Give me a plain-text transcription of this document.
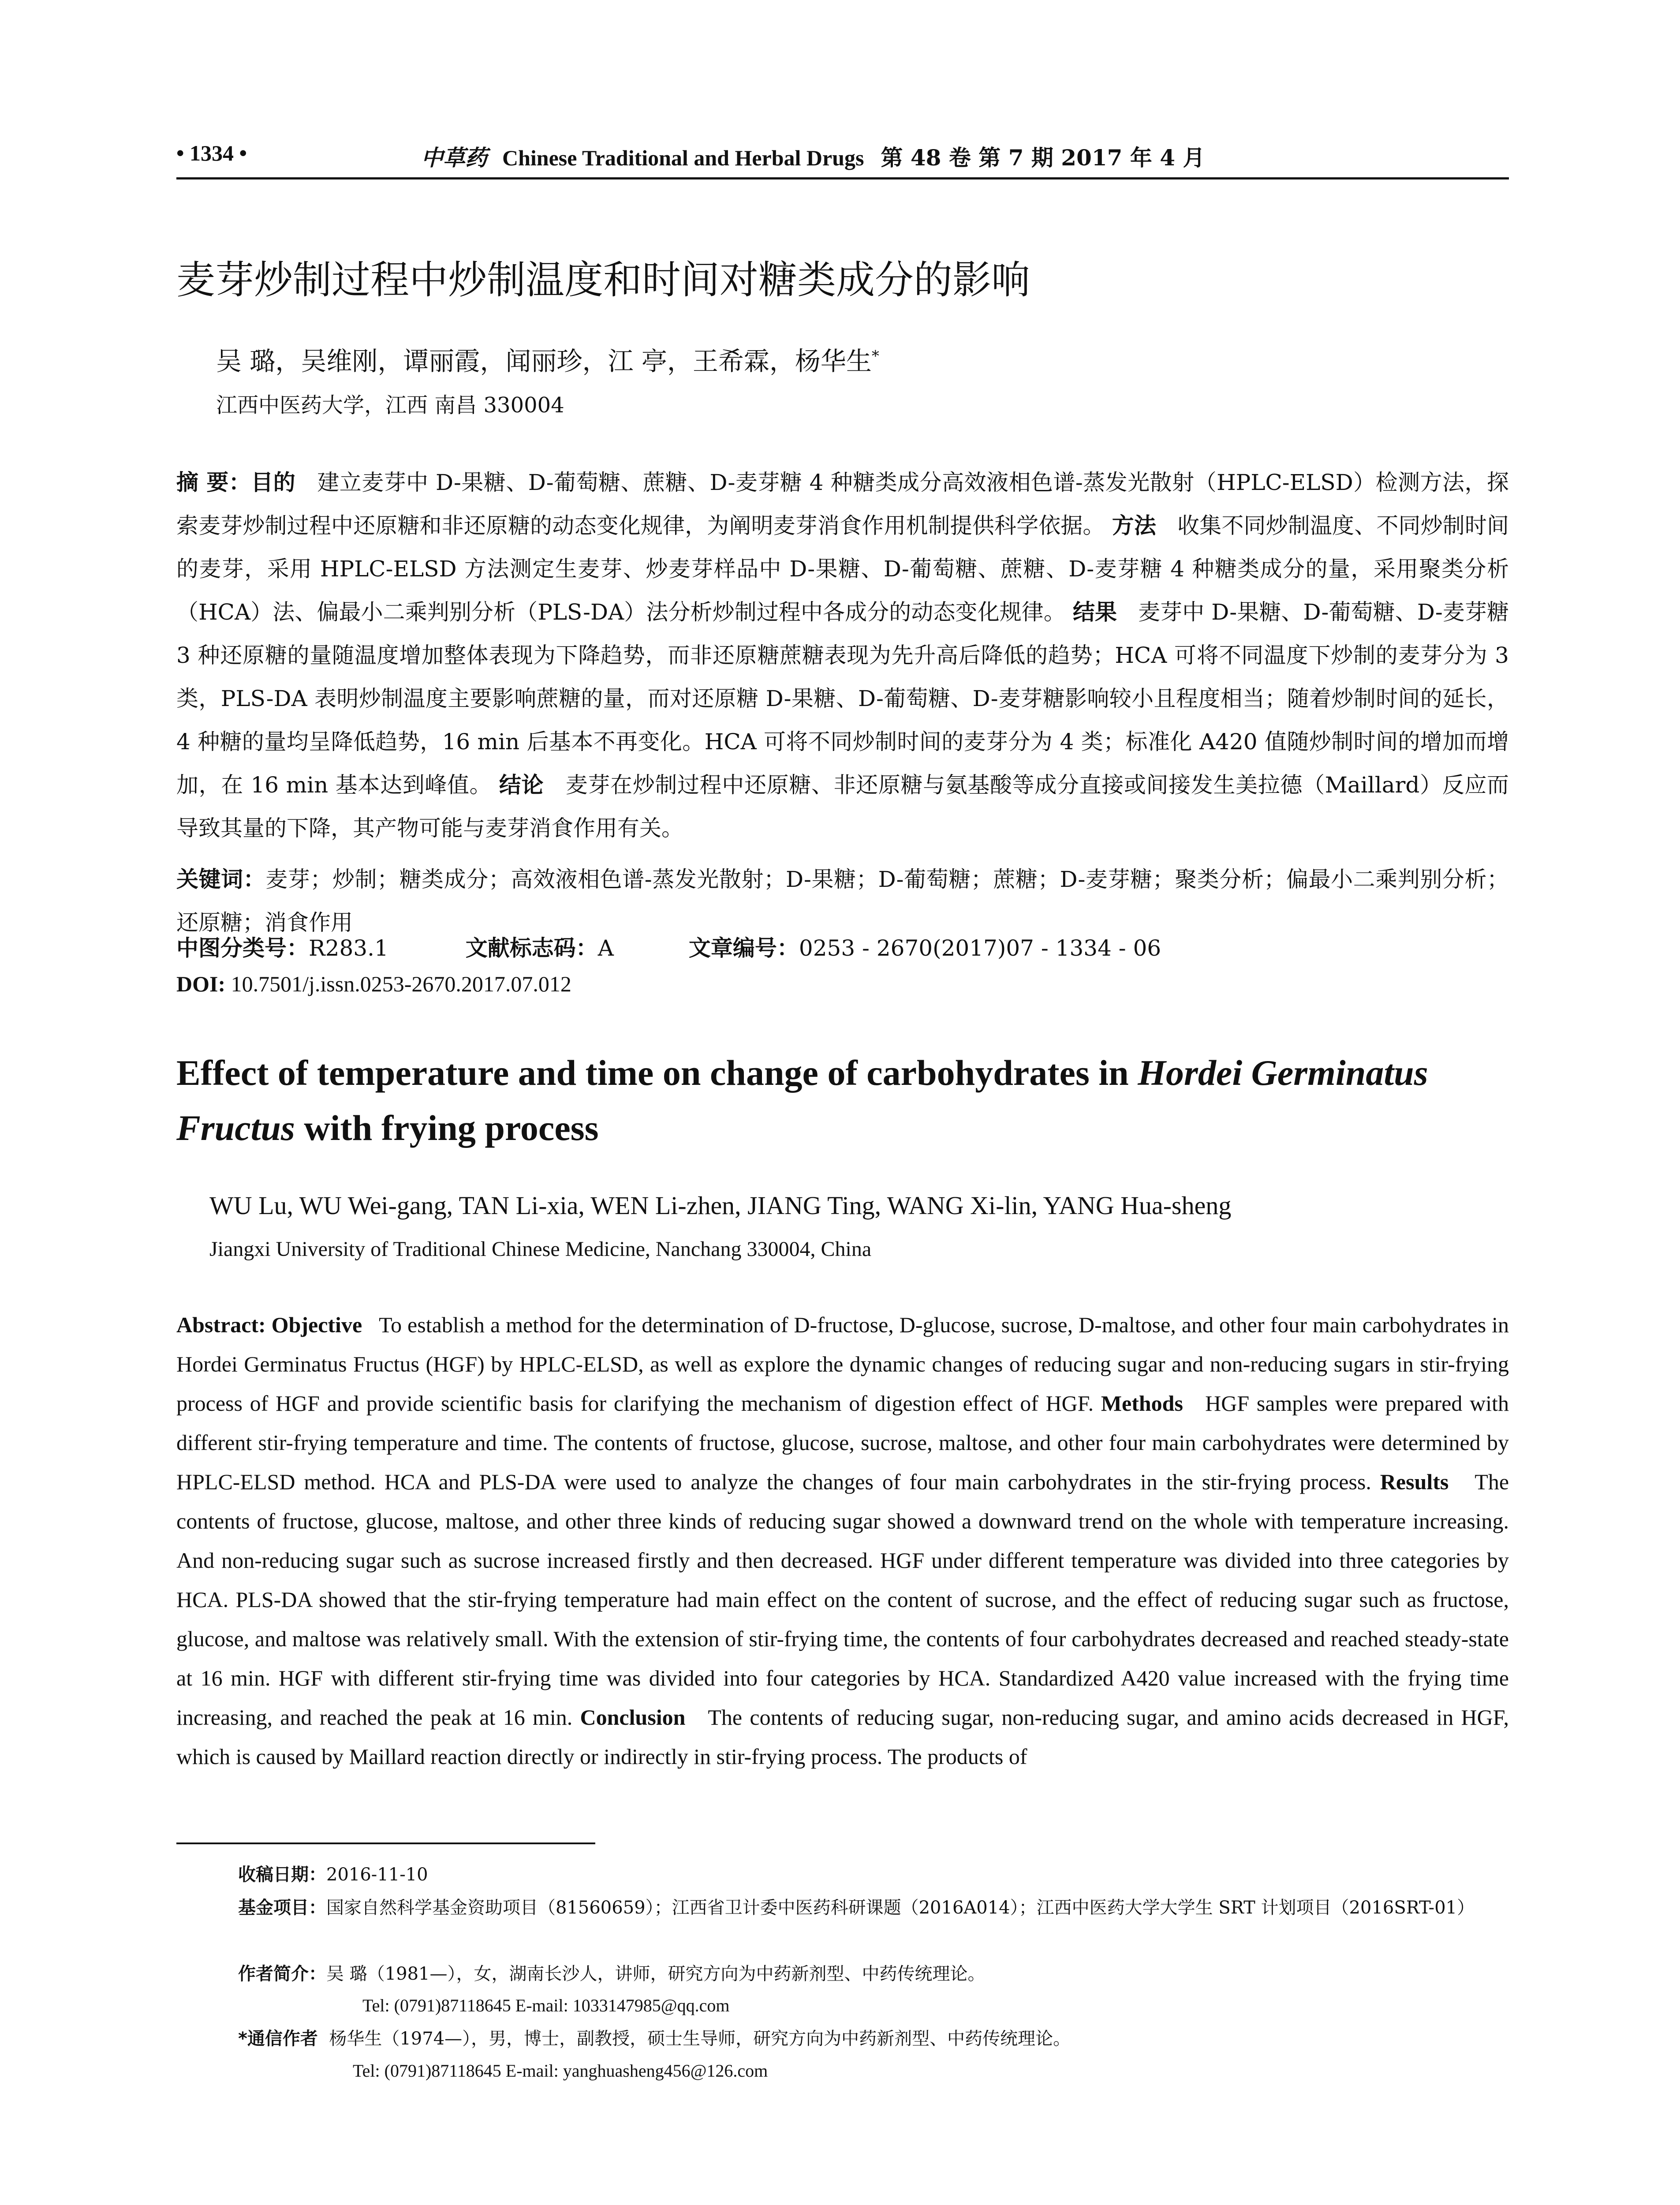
• 1334 •	中草药 Chinese Traditional and Herbal Drugs 第 48 卷 第 7 期 2017 年 4 月
麦芽炒制过程中炒制温度和时间对糖类成分的影响
吴 璐，吴维刚，谭丽霞，闻丽珍，江 亭，王希霖，杨华生*
江西中医药大学，江西 南昌 330004
摘 要：目的 建立麦芽中 D-果糖、D-葡萄糖、蔗糖、D-麦芽糖 4 种糖类成分高效液相色谱-蒸发光散射（HPLC-ELSD）检测方法，探索麦芽炒制过程中还原糖和非还原糖的动态变化规律，为阐明麦芽消食作用机制提供科学依据。 方法 收集不同炒制温度、不同炒制时间的麦芽，采用 HPLC-ELSD 方法测定生麦芽、炒麦芽样品中 D-果糖、D-葡萄糖、蔗糖、D-麦芽糖 4 种糖类成分的量，采用聚类分析（HCA）法、偏最小二乘判别分析（PLS-DA）法分析炒制过程中各成分的动态变化规律。 结果 麦芽中 D-果糖、D-葡萄糖、D-麦芽糖 3 种还原糖的量随温度增加整体表现为下降趋势，而非还原糖蔗糖表现为先升高后降低的趋势；HCA 可将不同温度下炒制的麦芽分为 3 类，PLS-DA 表明炒制温度主要影响蔗糖的量，而对还原糖 D-果糖、D-葡萄糖、D-麦芽糖影响较小且程度相当；随着炒制时间的延长，4 种糖的量均呈降低趋势，16 min 后基本不再变化。HCA 可将不同炒制时间的麦芽分为 4 类；标准化 A420 值随炒制时间的增加而增加，在 16 min 基本达到峰值。 结论 麦芽在炒制过程中还原糖、非还原糖与氨基酸等成分直接或间接发生美拉德（Maillard）反应而导致其量的下降，其产物可能与麦芽消食作用有关。
关键词：麦芽；炒制；糖类成分；高效液相色谱-蒸发光散射；D-果糖；D-葡萄糖；蔗糖；D-麦芽糖；聚类分析；偏最小二乘判别分析；还原糖；消食作用
中图分类号：R283.1	文献标志码：A	文章编号：0253 - 2670(2017)07 - 1334 - 06
DOI: 10.7501/j.issn.0253-2670.2017.07.012
Effect of temperature and time on change of carbohydrates in Hordei Germinatus Fructus with frying process
WU Lu, WU Wei-gang, TAN Li-xia, WEN Li-zhen, JIANG Ting, WANG Xi-lin, YANG Hua-sheng
Jiangxi University of Traditional Chinese Medicine, Nanchang 330004, China
Abstract: Objective To establish a method for the determination of D-fructose, D-glucose, sucrose, D-maltose, and other four main carbohydrates in Hordei Germinatus Fructus (HGF) by HPLC-ELSD, as well as explore the dynamic changes of reducing sugar and non-reducing sugars in stir-frying process of HGF and provide scientific basis for clarifying the mechanism of digestion effect of HGF. Methods HGF samples were prepared with different stir-frying temperature and time. The contents of fructose, glucose, sucrose, maltose, and other four main carbohydrates were determined by HPLC-ELSD method. HCA and PLS-DA were used to analyze the changes of four main carbohydrates in the stir-frying process. Results The contents of fructose, glucose, maltose, and other three kinds of reducing sugar showed a downward trend on the whole with temperature increasing. And non-reducing sugar such as sucrose increased firstly and then decreased. HGF under different temperature was divided into three categories by HCA. PLS-DA showed that the stir-frying temperature had main effect on the content of sucrose, and the effect of reducing sugar such as fructose, glucose, and maltose was relatively small. With the extension of stir-frying time, the contents of four carbohydrates decreased and reached steady-state at 16 min. HGF with different stir-frying time was divided into four categories by HCA. Standardized A420 value increased with the frying time increasing, and reached the peak at 16 min. Conclusion The contents of reducing sugar, non-reducing sugar, and amino acids decreased in HGF, which is caused by Maillard reaction directly or indirectly in stir-frying process. The products of
收稿日期：2016-11-10
基金项目：国家自然科学基金资助项目（81560659）；江西省卫计委中医药科研课题（2016A014）；江西中医药大学大学生 SRT 计划项目（2016SRT-01）
作者简介：吴 璐（1981—），女，湖南长沙人，讲师，研究方向为中药新剂型、中药传统理论。
Tel: (0791)87118645 E-mail: 1033147985@qq.com
*通信作者 杨华生（1974—），男，博士，副教授，硕士生导师，研究方向为中药新剂型、中药传统理论。
Tel: (0791)87118645 E-mail: yanghuasheng456@126.com
